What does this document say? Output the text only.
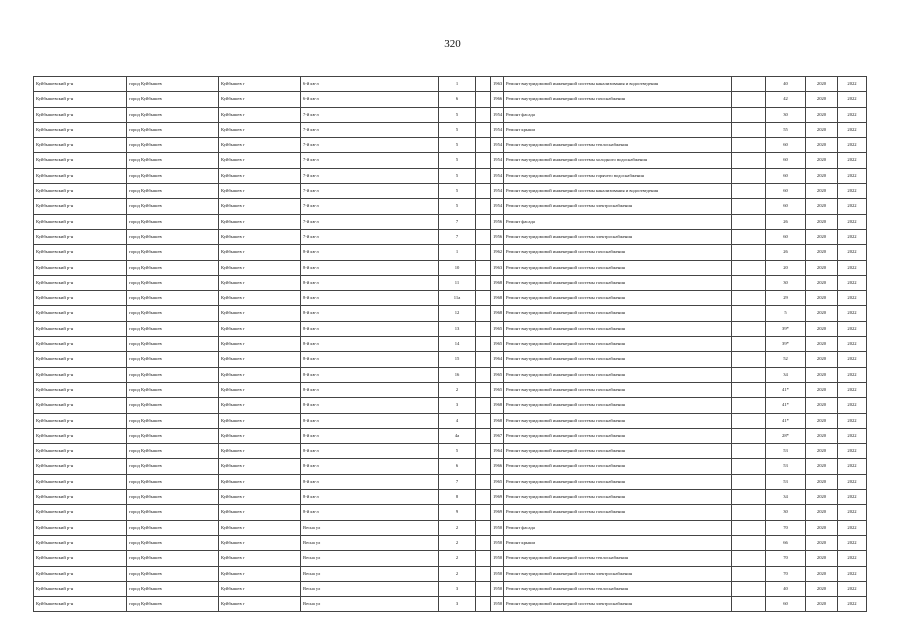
320
Куйбышевский р-н	город Куйбышев	Куйбышев г	6-й кв-л	1		1963	Ремонт внутридомовой инженерной системы канализования и водоотведения		40	2020	2022
Куйбышевский р-н	город Куйбышев	Куйбышев г	6-й кв-л	6		1966	Ремонт внутридомовой инженерной системы газоснабжения		42	2020	2022
Куйбышевский р-н	город Куйбышев	Куйбышев г	7-й кв-л	5		1954	Ремонт фасада		30	2020	2022
Куйбышевский р-н	город Куйбышев	Куйбышев г	7-й кв-л	5		1954	Ремонт крыши		55	2020	2022
Куйбышевский р-н	город Куйбышев	Куйбышев г	7-й кв-л	5		1954	Ремонт внутридомовой инженерной системы теплоснабжения		60	2020	2022
Куйбышевский р-н	город Куйбышев	Куйбышев г	7-й кв-л	5		1954	Ремонт внутридомовой инженерной системы холодного водоснабжения		60	2020	2022
Куйбышевский р-н	город Куйбышев	Куйбышев г	7-й кв-л	5		1954	Ремонт внутридомовой инженерной системы горячего водоснабжения		60	2020	2022
Куйбышевский р-н	город Куйбышев	Куйбышев г	7-й кв-л	5		1954	Ремонт внутридомовой инженерной системы канализования и водоотведения		60	2020	2022
Куйбышевский р-н	город Куйбышев	Куйбышев г	7-й кв-л	5		1954	Ремонт внутридомовой инженерной системы электроснабжения		60	2020	2022
Куйбышевский р-н	город Куйбышев	Куйбышев г	7-й кв-л	7		1956	Ремонт фасада		26	2020	2022
Куйбышевский р-н	город Куйбышев	Куйбышев г	7-й кв-л	7		1956	Ремонт внутридомовой инженерной системы электроснабжения		60	2020	2022
Куйбышевский р-н	город Куйбышев	Куйбышев г	8-й кв-л	1		1962	Ремонт внутридомовой инженерной системы газоснабжения		26	2020	2022
Куйбышевский р-н	город Куйбышев	Куйбышев г	8-й кв-л	10		1963	Ремонт внутридомовой инженерной системы газоснабжения		20	2020	2022
Куйбышевский р-н	город Куйбышев	Куйбышев г	8-й кв-л	11		1968	Ремонт внутридомовой инженерной системы газоснабжения		30	2020	2022
Куйбышевский р-н	город Куйбышев	Куйбышев г	8-й кв-л	11а		1968	Ремонт внутридомовой инженерной системы газоснабжения		29	2020	2022
Куйбышевский р-н	город Куйбышев	Куйбышев г	8-й кв-л	12		1968	Ремонт внутридомовой инженерной системы газоснабжения		5	2020	2022
Куйбышевский р-н	город Куйбышев	Куйбышев г	8-й кв-л	13		1965	Ремонт внутридомовой инженерной системы газоснабжения		39*	2020	2022
Куйбышевский р-н	город Куйбышев	Куйбышев г	8-й кв-л	14		1965	Ремонт внутридомовой инженерной системы газоснабжения		39*	2020	2022
Куйбышевский р-н	город Куйбышев	Куйбышев г	8-й кв-л	15		1964	Ремонт внутридомовой инженерной системы газоснабжения		52	2020	2022
Куйбышевский р-н	город Куйбышев	Куйбышев г	8-й кв-л	16		1965	Ремонт внутридомовой инженерной системы газоснабжения		34	2020	2022
Куйбышевский р-н	город Куйбышев	Куйбышев г	8-й кв-л	2		1965	Ремонт внутридомовой инженерной системы газоснабжения		41*	2020	2022
Куйбышевский р-н	город Куйбышев	Куйбышев г	8-й кв-л	3		1968	Ремонт внутридомовой инженерной системы газоснабжения		41*	2020	2022
Куйбышевский р-н	город Куйбышев	Куйбышев г	8-й кв-л	4		1968	Ремонт внутридомовой инженерной системы газоснабжения		41*	2020	2022
Куйбышевский р-н	город Куйбышев	Куйбышев г	8-й кв-л	4а		1967	Ремонт внутридомовой инженерной системы газоснабжения		28*	2020	2022
Куйбышевский р-н	город Куйбышев	Куйбышев г	8-й кв-л	5		1964	Ремонт внутридомовой инженерной системы газоснабжения		53	2020	2022
Куйбышевский р-н	город Куйбышев	Куйбышев г	8-й кв-л	6		1966	Ремонт внутридомовой инженерной системы газоснабжения		53	2020	2022
Куйбышевский р-н	город Куйбышев	Куйбышев г	8-й кв-л	7		1965	Ремонт внутридомовой инженерной системы газоснабжения		53	2020	2022
Куйбышевский р-н	город Куйбышев	Куйбышев г	8-й кв-л	8		1969	Ремонт внутридомовой инженерной системы газоснабжения		34	2020	2022
Куйбышевский р-н	город Куйбышев	Куйбышев г	8-й кв-л	9		1969	Ремонт внутридомовой инженерной системы газоснабжения		30	2020	2022
Куйбышевский р-н	город Куйбышев	Куйбышев г	Весна ул	2		1950	Ремонт фасада		70	2020	2022
Куйбышевский р-н	город Куйбышев	Куйбышев г	Весна ул	2		1950	Ремонт крыши		66	2020	2022
Куйбышевский р-н	город Куйбышев	Куйбышев г	Весна ул	2		1950	Ремонт внутридомовой инженерной системы теплоснабжения		70	2020	2022
Куйбышевский р-н	город Куйбышев	Куйбышев г	Весна ул	2		1950	Ремонт внутридомовой инженерной системы электроснабжения		70	2020	2022
Куйбышевский р-н	город Куйбышев	Куйбышев г	Весна ул	3		1950	Ремонт внутридомовой инженерной системы теплоснабжения		40	2020	2022
Куйбышевский р-н	город Куйбышев	Куйбышев г	Весна ул	3		1950	Ремонт внутридомовой инженерной системы электроснабжения		60	2020	2022
